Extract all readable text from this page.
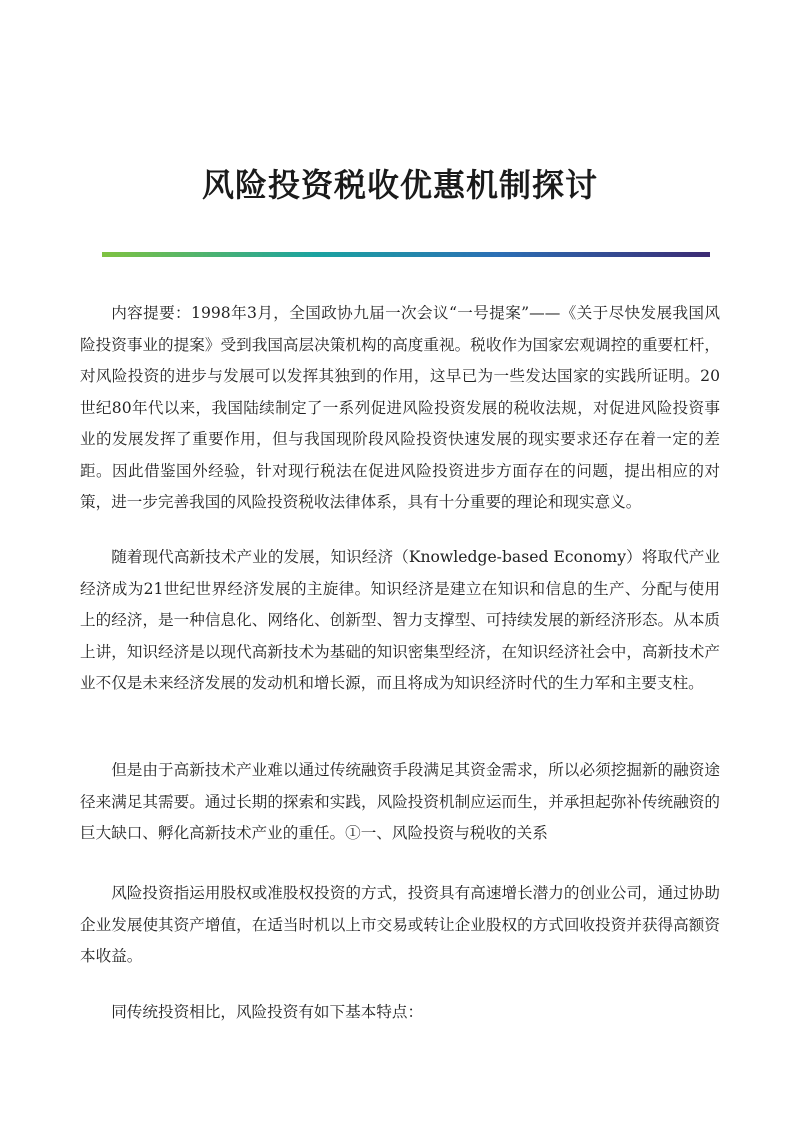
风险投资税收优惠机制探讨

内容提要：1998年3月，全国政协九届一次会议“一号提案”——《关于尽快发展我国风险投资事业的提案》受到我国高层决策机构的高度重视。税收作为国家宏观调控的重要杠杆，对风险投资的进步与发展可以发挥其独到的作用，这早已为一些发达国家的实践所证明。20世纪80年代以来，我国陆续制定了一系列促进风险投资发展的税收法规，对促进风险投资事业的发展发挥了重要作用，但与我国现阶段风险投资快速发展的现实要求还存在着一定的差距。因此借鉴国外经验，针对现行税法在促进风险投资进步方面存在的问题，提出相应的对策，进一步完善我国的风险投资税收法律体系，具有十分重要的理论和现实意义。

随着现代高新技术产业的发展，知识经济（Knowledge-based Economy）将取代产业经济成为21世纪世界经济发展的主旋律。知识经济是建立在知识和信息的生产、分配与使用上的经济，是一种信息化、网络化、创新型、智力支撑型、可持续发展的新经济形态。从本质上讲，知识经济是以现代高新技术为基础的知识密集型经济，在知识经济社会中，高新技术产业不仅是未来经济发展的发动机和增长源，而且将成为知识经济时代的生力军和主要支柱。

但是由于高新技术产业难以通过传统融资手段满足其资金需求，所以必须挖掘新的融资途径来满足其需要。通过长期的探索和实践，风险投资机制应运而生，并承担起弥补传统融资的巨大缺口、孵化高新技术产业的重任。①一、风险投资与税收的关系

风险投资指运用股权或准股权投资的方式，投资具有高速增长潜力的创业公司，通过协助企业发展使其资产增值，在适当时机以上市交易或转让企业股权的方式回收投资并获得高额资本收益。

同传统投资相比，风险投资有如下基本特点：
